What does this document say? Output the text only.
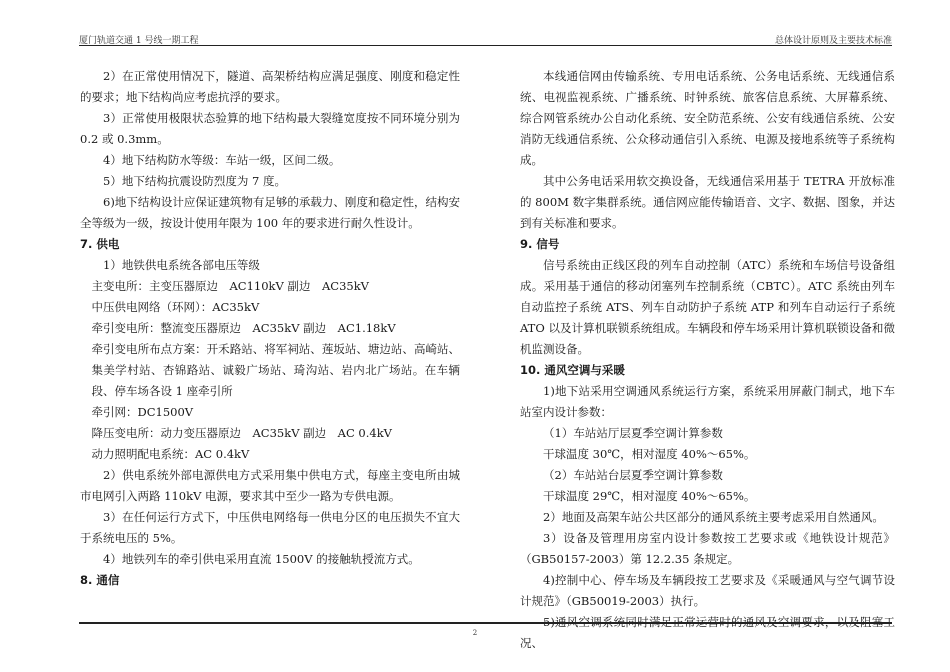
厦门轨道交通 1 号线一期工程	总体设计原则及主要技术标准

2）在正常使用情况下，隧道、高架桥结构应满足强度、刚度和稳定性的要求；地下结构尚应考虑抗浮的要求。

3）正常使用极限状态验算的地下结构最大裂缝宽度按不同环境分别为 0.2 或 0.3mm。

4）地下结构防水等级：车站一级，区间二级。

5）地下结构抗震设防烈度为 7 度。

6)地下结构设计应保证建筑物有足够的承载力、刚度和稳定性，结构安全等级为一级，按设计使用年限为 100 年的要求进行耐久性设计。

7. 供电

1）地铁供电系统各部电压等级

主变电所：主变压器原边　AC110kV 副边　AC35kV

中压供电网络（环网）：AC35kV

牵引变电所：整流变压器原边　AC35kV 副边　AC1.18kV

牵引变电所布点方案：开禾路站、将军祠站、莲坂站、塘边站、高崎站、集美学村站、杏锦路站、诚毅广场站、琦沟站、岩内北广场站。在车辆段、停车场各设 1 座牵引所

牵引网：DC1500V

降压变电所：动力变压器原边　AC35kV 副边　AC 0.4kV

动力照明配电系统：AC 0.4kV

2）供电系统外部电源供电方式采用集中供电方式，每座主变电所由城市电网引入两路 110kV 电源，要求其中至少一路为专供电源。

3）在任何运行方式下，中压供电网络每一供电分区的电压损失不宜大于系统电压的 5%。

4）地铁列车的牵引供电采用直流 1500V 的接触轨授流方式。

8. 通信

本线通信网由传输系统、专用电话系统、公务电话系统、无线通信系统、电视监视系统、广播系统、时钟系统、旅客信息系统、大屏幕系统、综合网管系统办公自动化系统、安全防范系统、公安有线通信系统、公安消防无线通信系统、公众移动通信引入系统、电源及接地系统等子系统构成。

其中公务电话采用软交换设备，无线通信采用基于 TETRA 开放标准的 800M 数字集群系统。通信网应能传输语音、文字、数据、图象，并达到有关标准和要求。

9. 信号

信号系统由正线区段的列车自动控制（ATC）系统和车场信号设备组成。采用基于通信的移动闭塞列车控制系统（CBTC）。ATC 系统由列车自动监控子系统 ATS、列车自动防护子系统 ATP 和列车自动运行子系统 ATO 以及计算机联锁系统组成。车辆段和停车场采用计算机联锁设备和微机监测设备。

10. 通风空调与采暖

1)地下站采用空调通风系统运行方案，系统采用屏蔽门制式，地下车站室内设计参数：

（1）车站站厅层夏季空调计算参数

干球温度 30℃，相对湿度 40%～65%。

（2）车站站台层夏季空调计算参数

干球温度 29℃，相对湿度 40%～65%。

2）地面及高架车站公共区部分的通风系统主要考虑采用自然通风。

3）设备及管理用房室内设计参数按工艺要求或《地铁设计规范》（GB50157-2003）第 12.2.35 条规定。

4)控制中心、停车场及车辆段按工艺要求及《采暖通风与空气调节设计规范》（GB50019-2003）执行。

5)通风空调系统同时满足正常运营时的通风及空调要求，以及阻塞工况、

2
